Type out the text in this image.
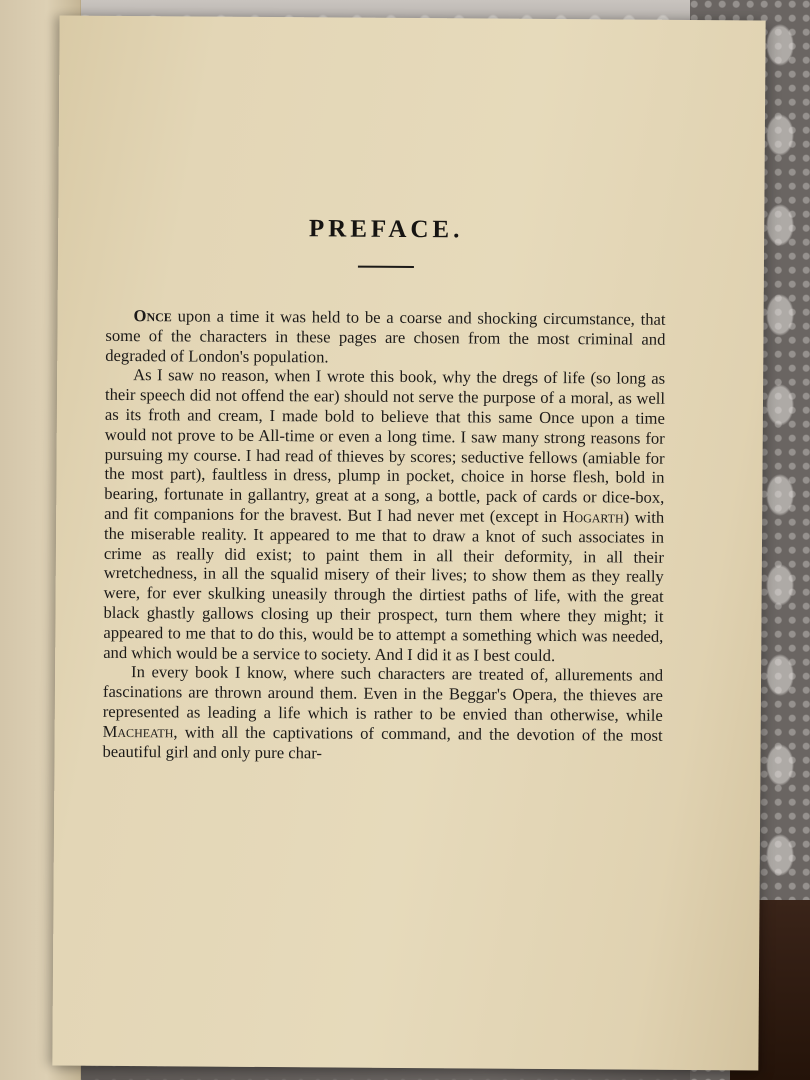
PREFACE.

Once upon a time it was held to be a coarse and shocking circumstance, that some of the characters in these pages are chosen from the most criminal and degraded of London's population.

As I saw no reason, when I wrote this book, why the dregs of life (so long as their speech did not offend the ear) should not serve the purpose of a moral, as well as its froth and cream, I made bold to believe that this same Once upon a time would not prove to be All-time or even a long time. I saw many strong reasons for pursuing my course. I had read of thieves by scores; seductive fellows (amiable for the most part), faultless in dress, plump in pocket, choice in horse flesh, bold in bearing, fortunate in gallantry, great at a song, a bottle, pack of cards or dice-box, and fit companions for the bravest. But I had never met (except in Hogarth) with the miserable reality. It appeared to me that to draw a knot of such associates in crime as really did exist; to paint them in all their deformity, in all their wretchedness, in all the squalid misery of their lives; to show them as they really were, for ever skulking uneasily through the dirtiest paths of life, with the great black ghastly gallows closing up their prospect, turn them where they might; it appeared to me that to do this, would be to attempt a something which was needed, and which would be a service to society. And I did it as I best could.

In every book I know, where such characters are treated of, allurements and fascinations are thrown around them. Even in the Beggar's Opera, the thieves are represented as leading a life which is rather to be envied than otherwise, while Macheath, with all the captivations of command, and the devotion of the most beautiful girl and only pure char-
